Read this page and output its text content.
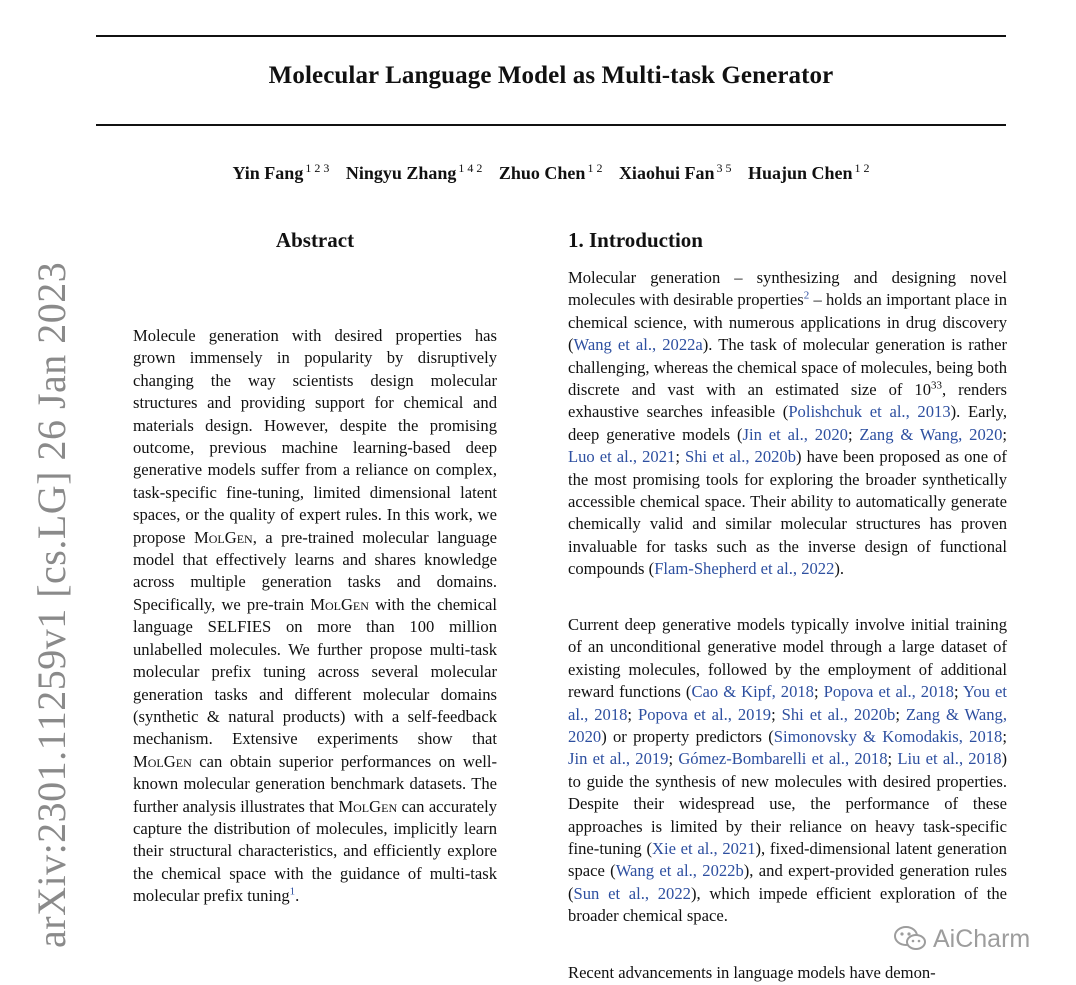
Molecular Language Model as Multi-task Generator
Yin Fang $^{1 2 3}$ Ningyu Zhang $^{1 4 2}$ Zhuo Chen $^{1 2}$ Xiaohui Fan $^{3 5}$ Huajun Chen $^{1 2}$
arXiv:2301.11259v1 [cs.LG] 26 Jan 2023
Abstract

Molecule generation with desired properties has grown immensely in popularity by disruptively changing the way scientists design molecular structures and providing support for chemical and materials design. However, despite the promising outcome, previous machine learning-based deep generative models suffer from a reliance on complex, task-specific fine-tuning, limited dimensional latent spaces, or the quality of expert rules. In this work, we propose MolGen, a pre-trained molecular language model that effectively learns and shares knowledge across multiple generation tasks and domains. Specifically, we pre-train MolGen with the chemical language SELFIES on more than 100 million unlabelled molecules. We further propose multi-task molecular prefix tuning across several molecular generation tasks and different molecular domains (synthetic & natural products) with a self-feedback mechanism. Extensive experiments show that MolGen can obtain superior performances on well-known molecular generation benchmark datasets. The further analysis illustrates that MolGen can accurately capture the distribution of molecules, implicitly learn their structural characteristics, and efficiently explore the chemical space with the guidance of multi-task molecular prefix tuning$^1$.

1. Introduction

Molecular generation – synthesizing and designing novel molecules with desirable properties$^2$ – holds an important place in chemical science, with numerous applications in drug discovery (Wang et al., 2022a). The task of molecular generation is rather challenging, whereas the chemical space of molecules, being both discrete and vast with an estimated size of $10^{33}$, renders exhaustive searches infeasible (Polishchuk et al., 2013). Early, deep generative models (Jin et al., 2020; Zang & Wang, 2020; Luo et al., 2021; Shi et al., 2020b) have been proposed as one of the most promising tools for exploring the broader synthetically accessible chemical space. Their ability to automatically generate chemically valid and similar molecular structures has proven invaluable for tasks such as the inverse design of functional compounds (Flam-Shepherd et al., 2022).

Current deep generative models typically involve initial training of an unconditional generative model through a large dataset of existing molecules, followed by the employment of additional reward functions (Cao & Kipf, 2018; Popova et al., 2018; You et al., 2018; Popova et al., 2019; Shi et al., 2020b; Zang & Wang, 2020) or property predictors (Simonovsky & Komodakis, 2018; Jin et al., 2019; Gómez-Bombarelli et al., 2018; Liu et al., 2018) to guide the synthesis of new molecules with desired properties. Despite their widespread use, the performance of these approaches is limited by their reliance on heavy task-specific fine-tuning (Xie et al., 2021), fixed-dimensional latent generation space (Wang et al., 2022b), and expert-provided generation rules (Sun et al., 2022), which impede efficient exploration of the broader chemical space.

Recent advancements in language models have demon-

AiCharm
